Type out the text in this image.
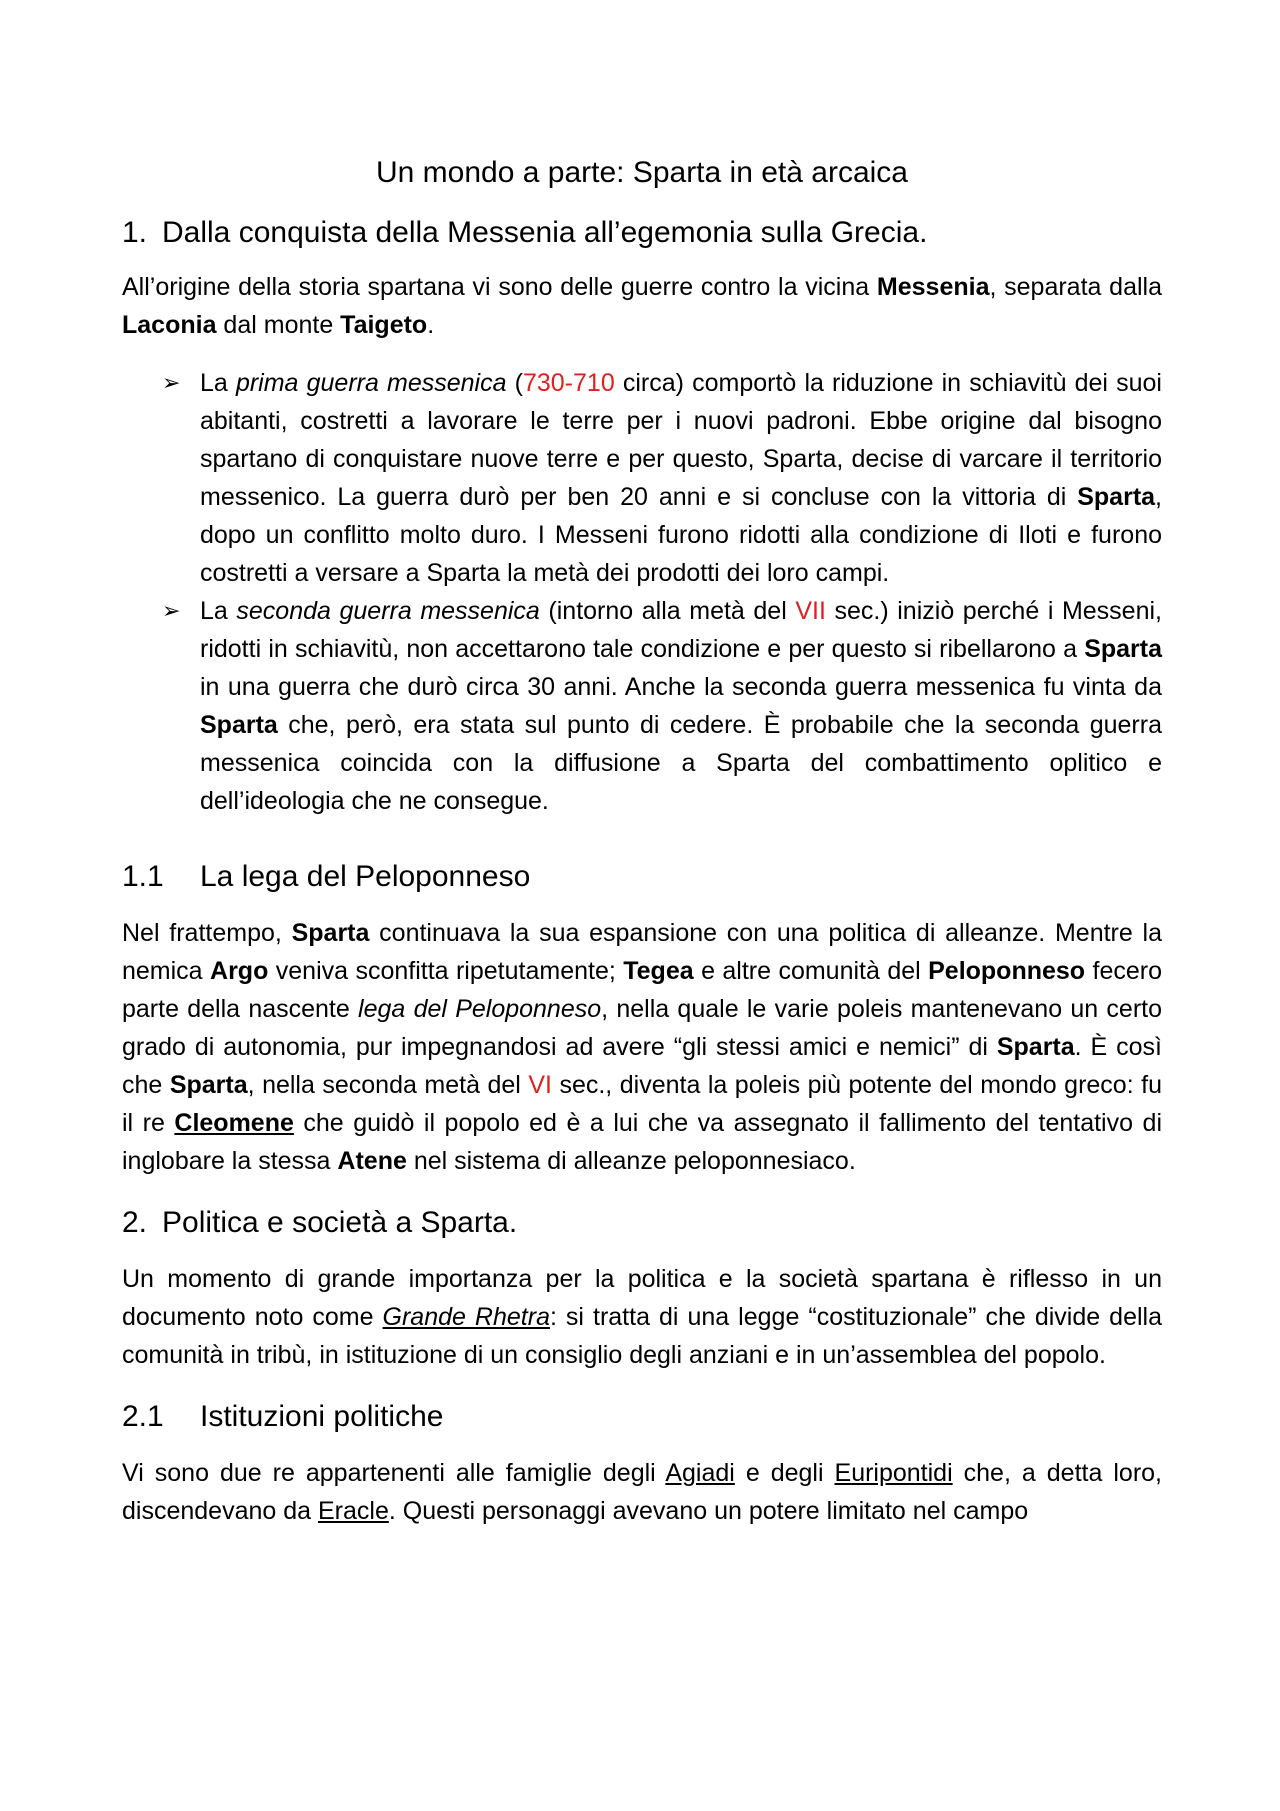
Un mondo a parte: Sparta in età arcaica
1. Dalla conquista della Messenia all’egemonia sulla Grecia.

All’origine della storia spartana vi sono delle guerre contro la vicina Messenia, separata dalla Laconia dal monte Taigeto.

➢ La prima guerra messenica (730-710 circa) comportò la riduzione in schiavitù dei suoi abitanti, costretti a lavorare le terre per i nuovi padroni. Ebbe origine dal bisogno spartano di conquistare nuove terre e per questo, Sparta, decise di varcare il territorio messenico. La guerra durò per ben 20 anni e si concluse con la vittoria di Sparta, dopo un conflitto molto duro. I Messeni furono ridotti alla condizione di Iloti e furono costretti a versare a Sparta la metà dei prodotti dei loro campi.
➢ La seconda guerra messenica (intorno alla metà del VII sec.) iniziò perché i Messeni, ridotti in schiavitù, non accettarono tale condizione e per questo si ribellarono a Sparta in una guerra che durò circa 30 anni. Anche la seconda guerra messenica fu vinta da Sparta che, però, era stata sul punto di cedere. È probabile che la seconda guerra messenica coincida con la diffusione a Sparta del combattimento oplitico e dell’ideologia che ne consegue.
1.1 La lega del Peloponneso

Nel frattempo, Sparta continuava la sua espansione con una politica di alleanze. Mentre la nemica Argo veniva sconfitta ripetutamente; Tegea e altre comunità del Peloponneso fecero parte della nascente lega del Peloponneso, nella quale le varie poleis mantenevano un certo grado di autonomia, pur impegnandosi ad avere “gli stessi amici e nemici” di Sparta. È così che Sparta, nella seconda metà del VI sec., diventa la poleis più potente del mondo greco: fu il re Cleomene che guidò il popolo ed è a lui che va assegnato il fallimento del tentativo di inglobare la stessa Atene nel sistema di alleanze peloponnesiaco.

2. Politica e società a Sparta.

Un momento di grande importanza per la politica e la società spartana è riflesso in un documento noto come Grande Rhetra: si tratta di una legge “costituzionale” che divide della comunità in tribù, in istituzione di un consiglio degli anziani e in un’assemblea del popolo.

2.1 Istituzioni politiche

Vi sono due re appartenenti alle famiglie degli Agiadi e degli Euripontidi che, a detta loro, discendevano da Eracle. Questi personaggi avevano un potere limitato nel campo
